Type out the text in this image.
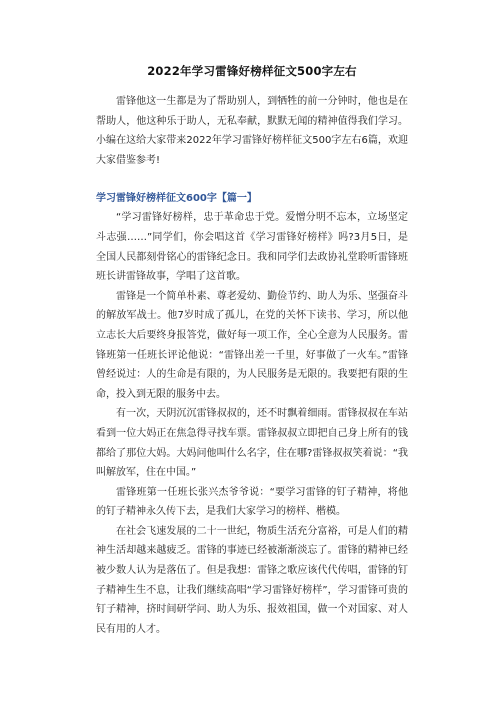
2022年学习雷锋好榜样征文500字左右

雷锋他这一生都是为了帮助别人，到牺牲的前一分钟时，他也是在帮助人，他这种乐于助人，无私奉献，默默无闻的精神值得我们学习。小编在这给大家带来2022年学习雷锋好榜样征文500字左右6篇，欢迎大家借鉴参考!

学习雷锋好榜样征文600字【篇一】

“学习雷锋好榜样，忠于革命忠于党。爱憎分明不忘本，立场坚定斗志强……”同学们，你会唱这首《学习雷锋好榜样》吗?3月5日，是全国人民都刻骨铭心的雷锋纪念日。我和同学们去政协礼堂聆听雷锋班班长讲雷锋故事，学唱了这首歌。

雷锋是一个简单朴素、尊老爱幼、勤俭节约、助人为乐、坚强奋斗的解放军战士。他7岁时成了孤儿，在党的关怀下读书、学习，所以他立志长大后要终身报答党，做好每一项工作，全心全意为人民服务。雷锋班第一任班长评论他说：“雷锋出差一千里，好事做了一火车。”雷锋曾经说过：人的生命是有限的，为人民服务是无限的。我要把有限的生命，投入到无限的服务中去。

有一次，天阴沉沉雷锋叔叔的，还不时飘着细雨。雷锋叔叔在车站看到一位大妈正在焦急得寻找车票。雷锋叔叔立即把自己身上所有的钱都给了那位大妈。大妈问他叫什么名字，住在哪?雷锋叔叔笑着说：“我叫解放军，住在中国。”

雷锋班第一任班长张兴杰爷爷说：“要学习雷锋的钉子精神，将他的钉子精神永久传下去，是我们大家学习的榜样、楷模。

在社会飞速发展的二十一世纪，物质生活充分富裕，可是人们的精神生活却越来越疲乏。雷锋的事迹已经被渐渐淡忘了。雷锋的精神已经被少数人认为是落伍了。但是我想：雷锋之歌应该代代传唱，雷锋的钉子精神生生不息，让我们继续高唱“学习雷锋好榜样”，学习雷锋可贵的钉子精神，挤时间研学问、助人为乐、报效祖国，做一个对国家、对人民有用的人才。
